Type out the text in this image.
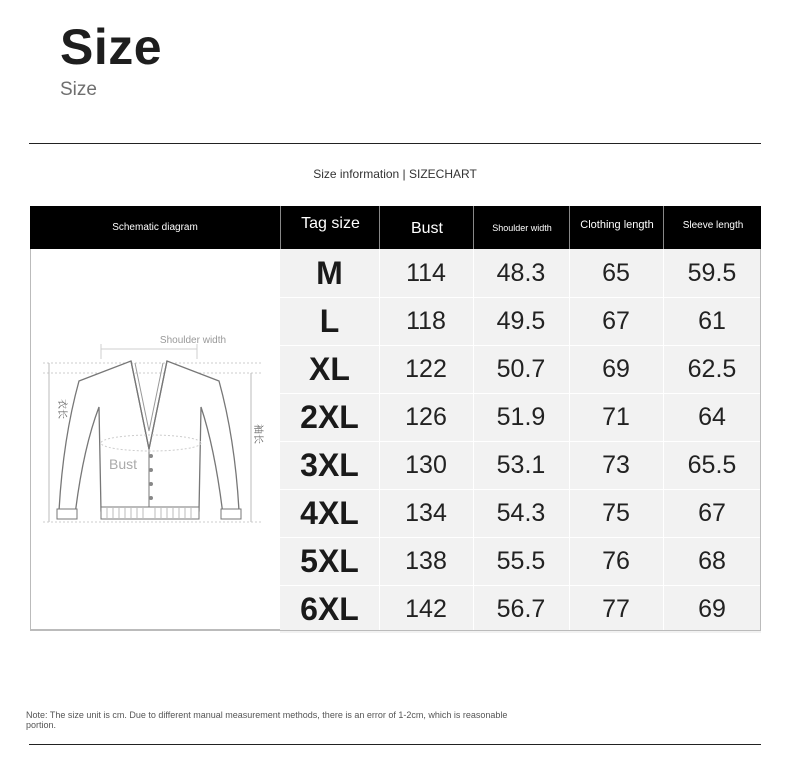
Size
Size
Size information | SIZECHART
Schematic diagram	Tag size	Bust	Shoulder width	Clothing length	Sleeve length
Shoulder width
衣长
袖长
Bust
M	114	48.3	65	59.5
L	118	49.5	67	61
XL	122	50.7	69	62.5
2XL	126	51.9	71	64
3XL	130	53.1	73	65.5
4XL	134	54.3	75	67
5XL	138	55.5	76	68
6XL	142	56.7	77	69
Note: The size unit is cm. Due to different manual measurement methods, there is an error of 1-2cm, which is reasonable portion.
